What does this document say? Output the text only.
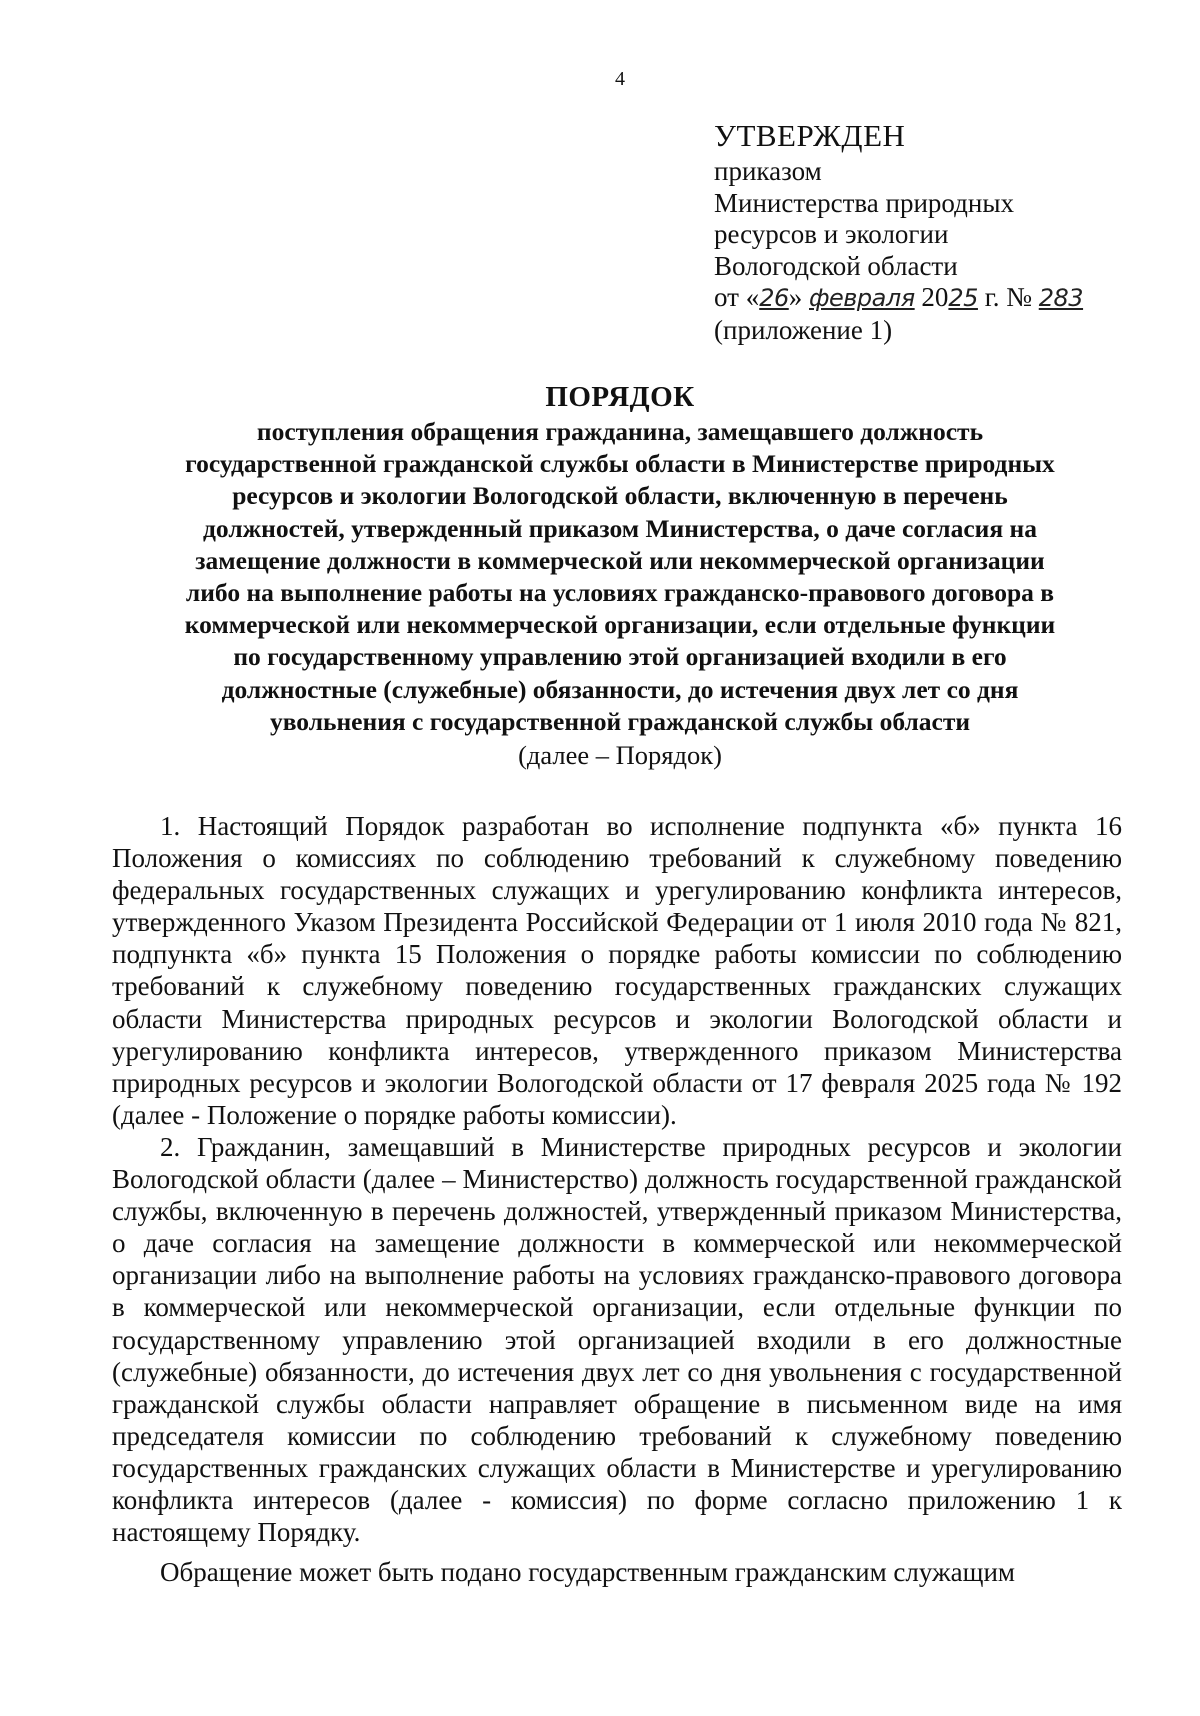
4
УТВЕРЖДЕН
приказом
Министерства природных
ресурсов и экологии
Вологодской области
от «26» февраля 2025 г. № 283
(приложение 1)
ПОРЯДОК
поступления обращения гражданина, замещавшего должность
государственной гражданской службы области в Министерстве природных
ресурсов и экологии Вологодской области, включенную в перечень
должностей, утвержденный приказом Министерства, о даче согласия на
замещение должности в коммерческой или некоммерческой организации
либо на выполнение работы на условиях гражданско-правового договора в
коммерческой или некоммерческой организации, если отдельные функции
по государственному управлению этой организацией входили в его
должностные (служебные) обязанности, до истечения двух лет со дня
увольнения с государственной гражданской службы области
(далее – Порядок)

1. Настоящий Порядок разработан во исполнение подпункта «б» пункта 16 Положения о комиссиях по соблюдению требований к служебному поведению федеральных государственных служащих и урегулированию конфликта интересов, утвержденного Указом Президента Российской Федерации от 1 июля 2010 года № 821, подпункта «б» пункта 15 Положения о порядке работы комиссии по соблюдению требований к служебному поведению государственных гражданских служащих области Министерства природных ресурсов и экологии Вологодской области и урегулированию конфликта интересов, утвержденного приказом Министерства природных ресурсов и экологии Вологодской области от 17 февраля 2025 года № 192 (далее - Положение о порядке работы комиссии).

2. Гражданин, замещавший в Министерстве природных ресурсов и экологии Вологодской области (далее – Министерство) должность государственной гражданской службы, включенную в перечень должностей, утвержденный приказом Министерства, о даче согласия на замещение должности в коммерческой или некоммерческой организации либо на выполнение работы на условиях гражданско-правового договора в коммерческой или некоммерческой организации, если отдельные функции по государственному управлению этой организацией входили в его должностные (служебные) обязанности, до истечения двух лет со дня увольнения с государственной гражданской службы области направляет обращение в письменном виде на имя председателя комиссии по соблюдению требований к служебному поведению государственных гражданских служащих области в Министерстве и урегулированию конфликта интересов (далее - комиссия) по форме согласно приложению 1 к настоящему Порядку.

Обращение может быть подано государственным гражданским служащим
